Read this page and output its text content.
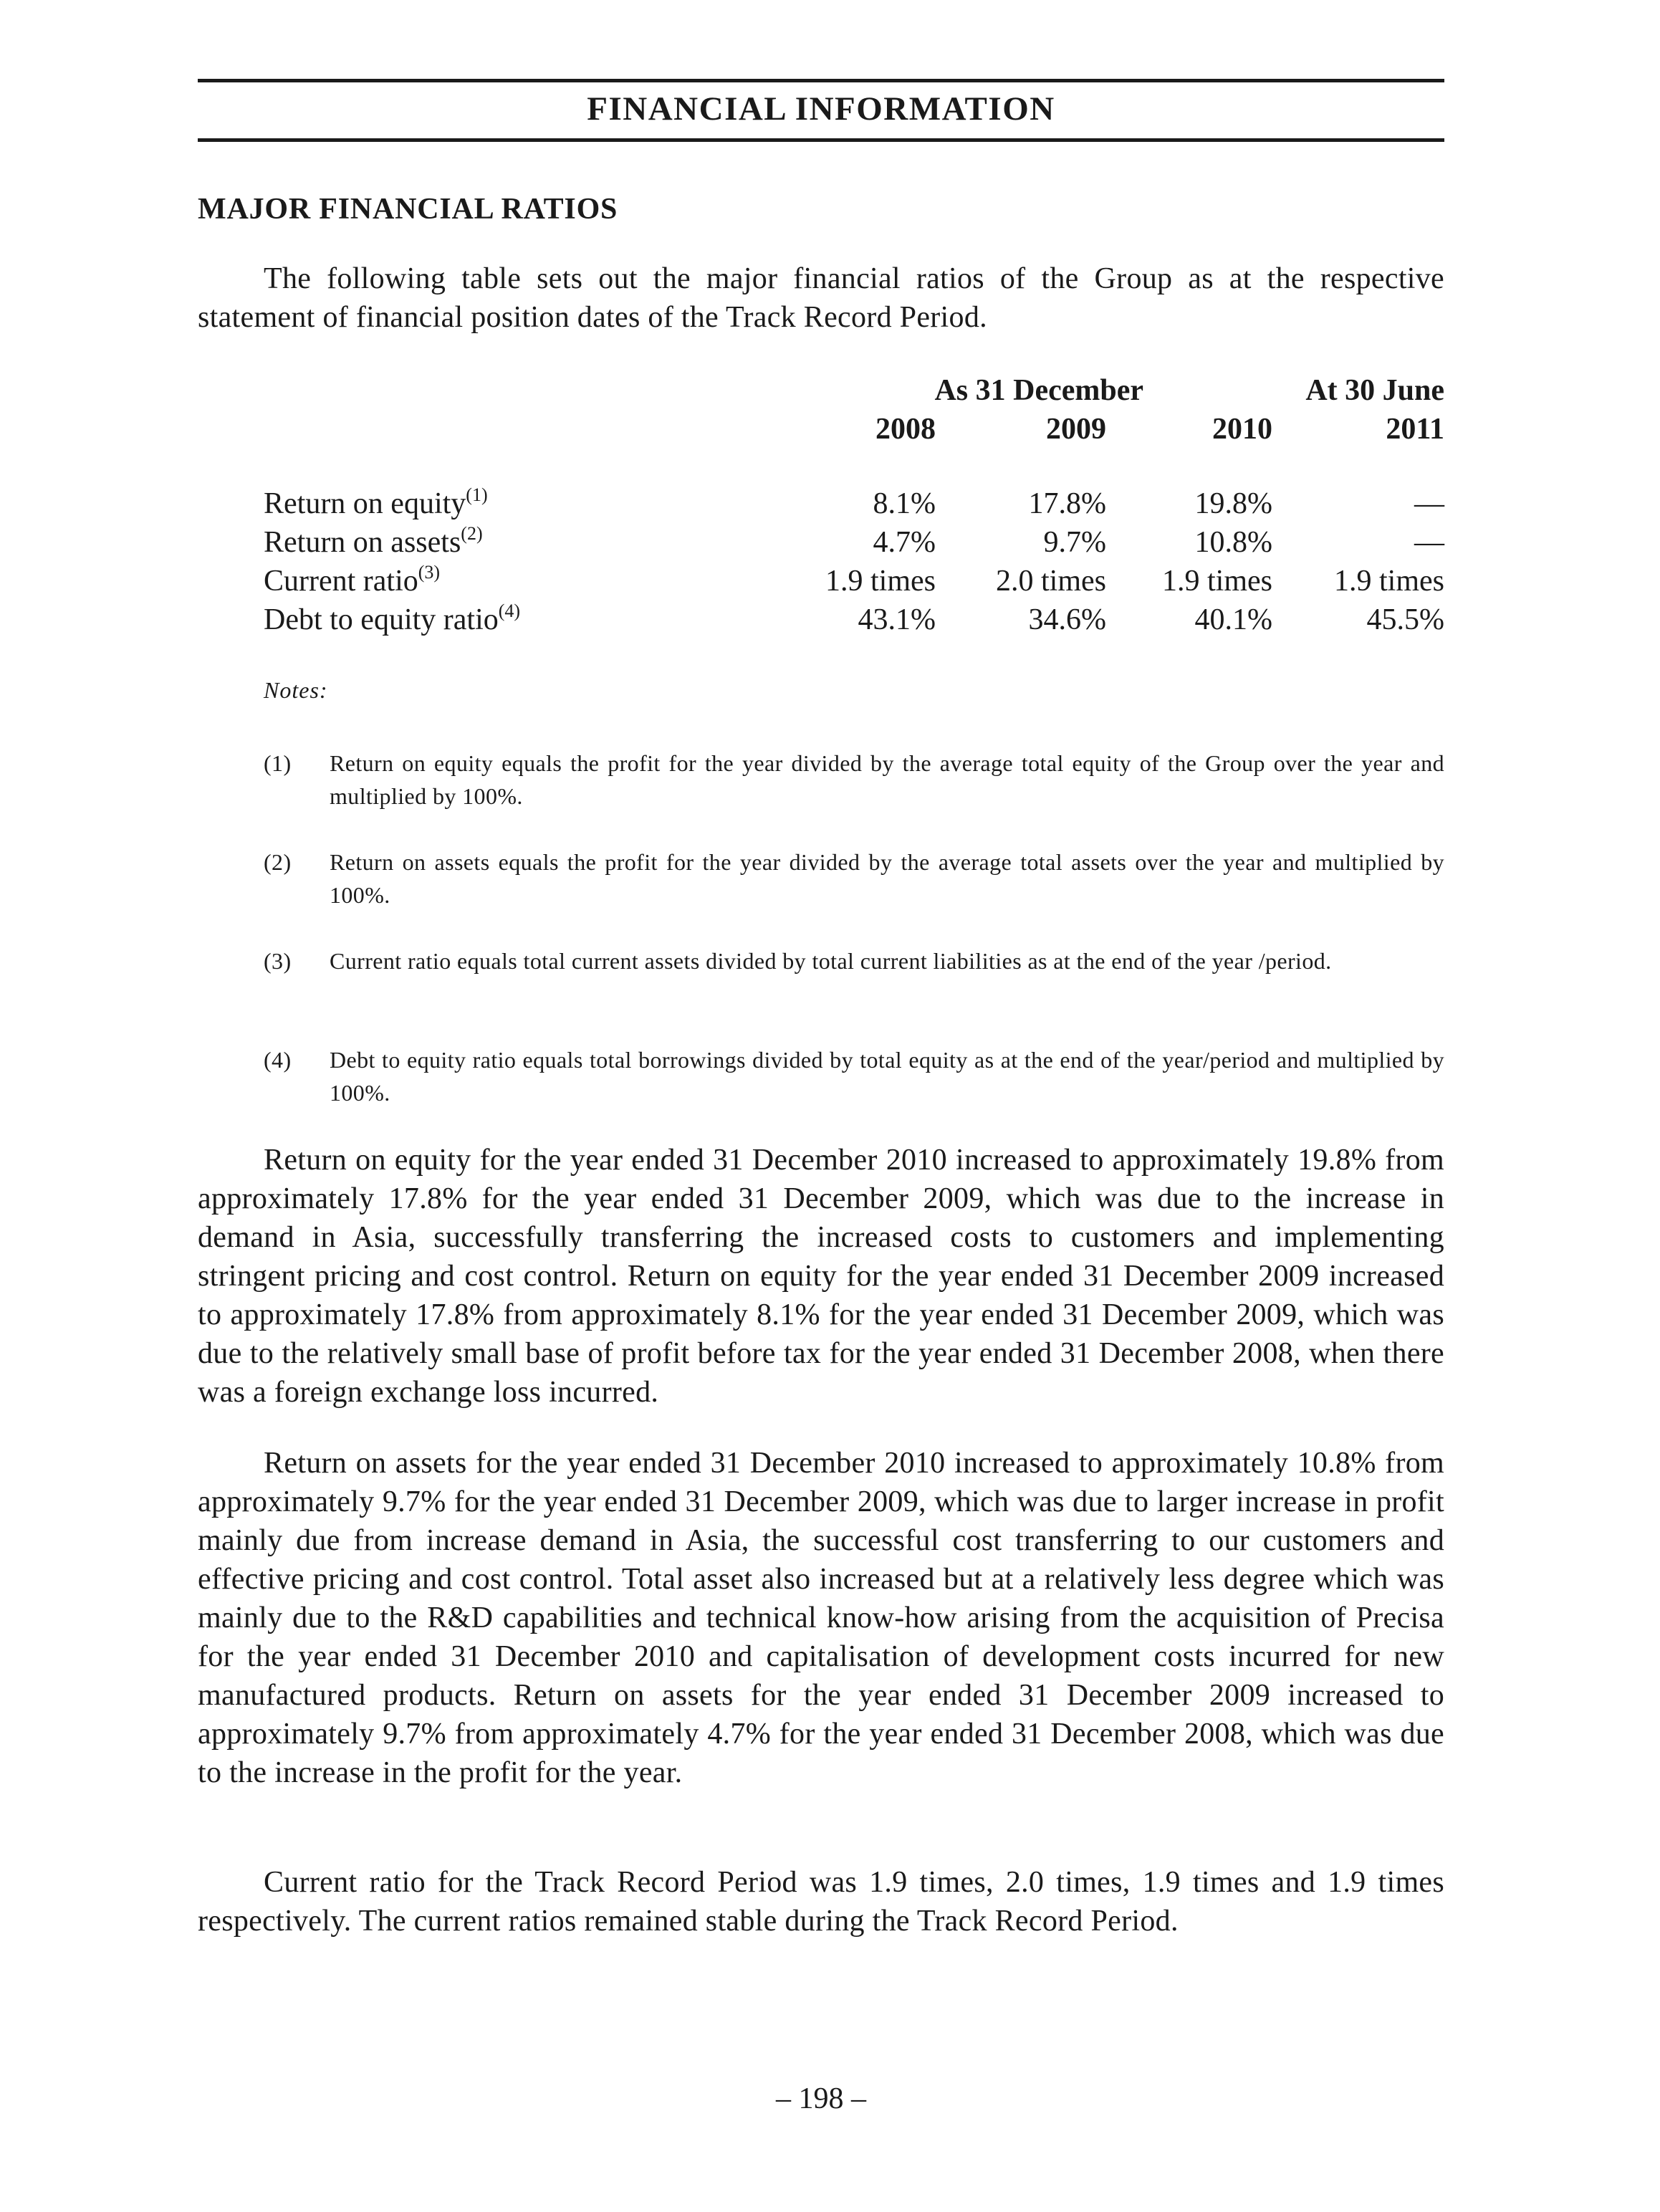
FINANCIAL INFORMATION
MAJOR FINANCIAL RATIOS

The following table sets out the major financial ratios of the Group as at the respective statement of financial position dates of the Track Record Period.

As 31 December	At 30 June
2008	2009	2010	2011
Return on equity$^{(1)}$	8.1%	17.8%	19.8%	—
Return on assets$^{(2)}$	4.7%	9.7%	10.8%	—
Current ratio$^{(3)}$	1.9 times 2.0 times 1.9 times 1.9 times
Debt to equity ratio$^{(4)}$	43.1%	34.6%	40.1%	45.5%
Notes:
(1) Return on equity equals the profit for the year divided by the average total equity of the Group over the year and multiplied by 100%.
(2) Return on assets equals the profit for the year divided by the average total assets over the year and multiplied by 100%.
(3) Current ratio equals total current assets divided by total current liabilities as at the end of the year /period.
(4) Debt to equity ratio equals total borrowings divided by total equity as at the end of the year/period and multiplied by 100%.

Return on equity for the year ended 31 December 2010 increased to approximately 19.8% from approximately 17.8% for the year ended 31 December 2009, which was due to the increase in demand in Asia, successfully transferring the increased costs to customers and implementing stringent pricing and cost control. Return on equity for the year ended 31 December 2009 increased to approximately 17.8% from approximately 8.1% for the year ended 31 December 2009, which was due to the relatively small base of profit before tax for the year ended 31 December 2008, when there was a foreign exchange loss incurred.

Return on assets for the year ended 31 December 2010 increased to approximately 10.8% from approximately 9.7% for the year ended 31 December 2009, which was due to larger increase in profit mainly due from increase demand in Asia, the successful cost transferring to our customers and effective pricing and cost control. Total asset also increased but at a relatively less degree which was mainly due to the R&D capabilities and technical know-how arising from the acquisition of Precisa for the year ended 31 December 2010 and capitalisation of development costs incurred for new manufactured products. Return on assets for the year ended 31 December 2009 increased to approximately 9.7% from approximately 4.7% for the year ended 31 December 2008, which was due to the increase in the profit for the year.

Current ratio for the Track Record Period was 1.9 times, 2.0 times, 1.9 times and 1.9 times respectively. The current ratios remained stable during the Track Record Period.

– 198 –
